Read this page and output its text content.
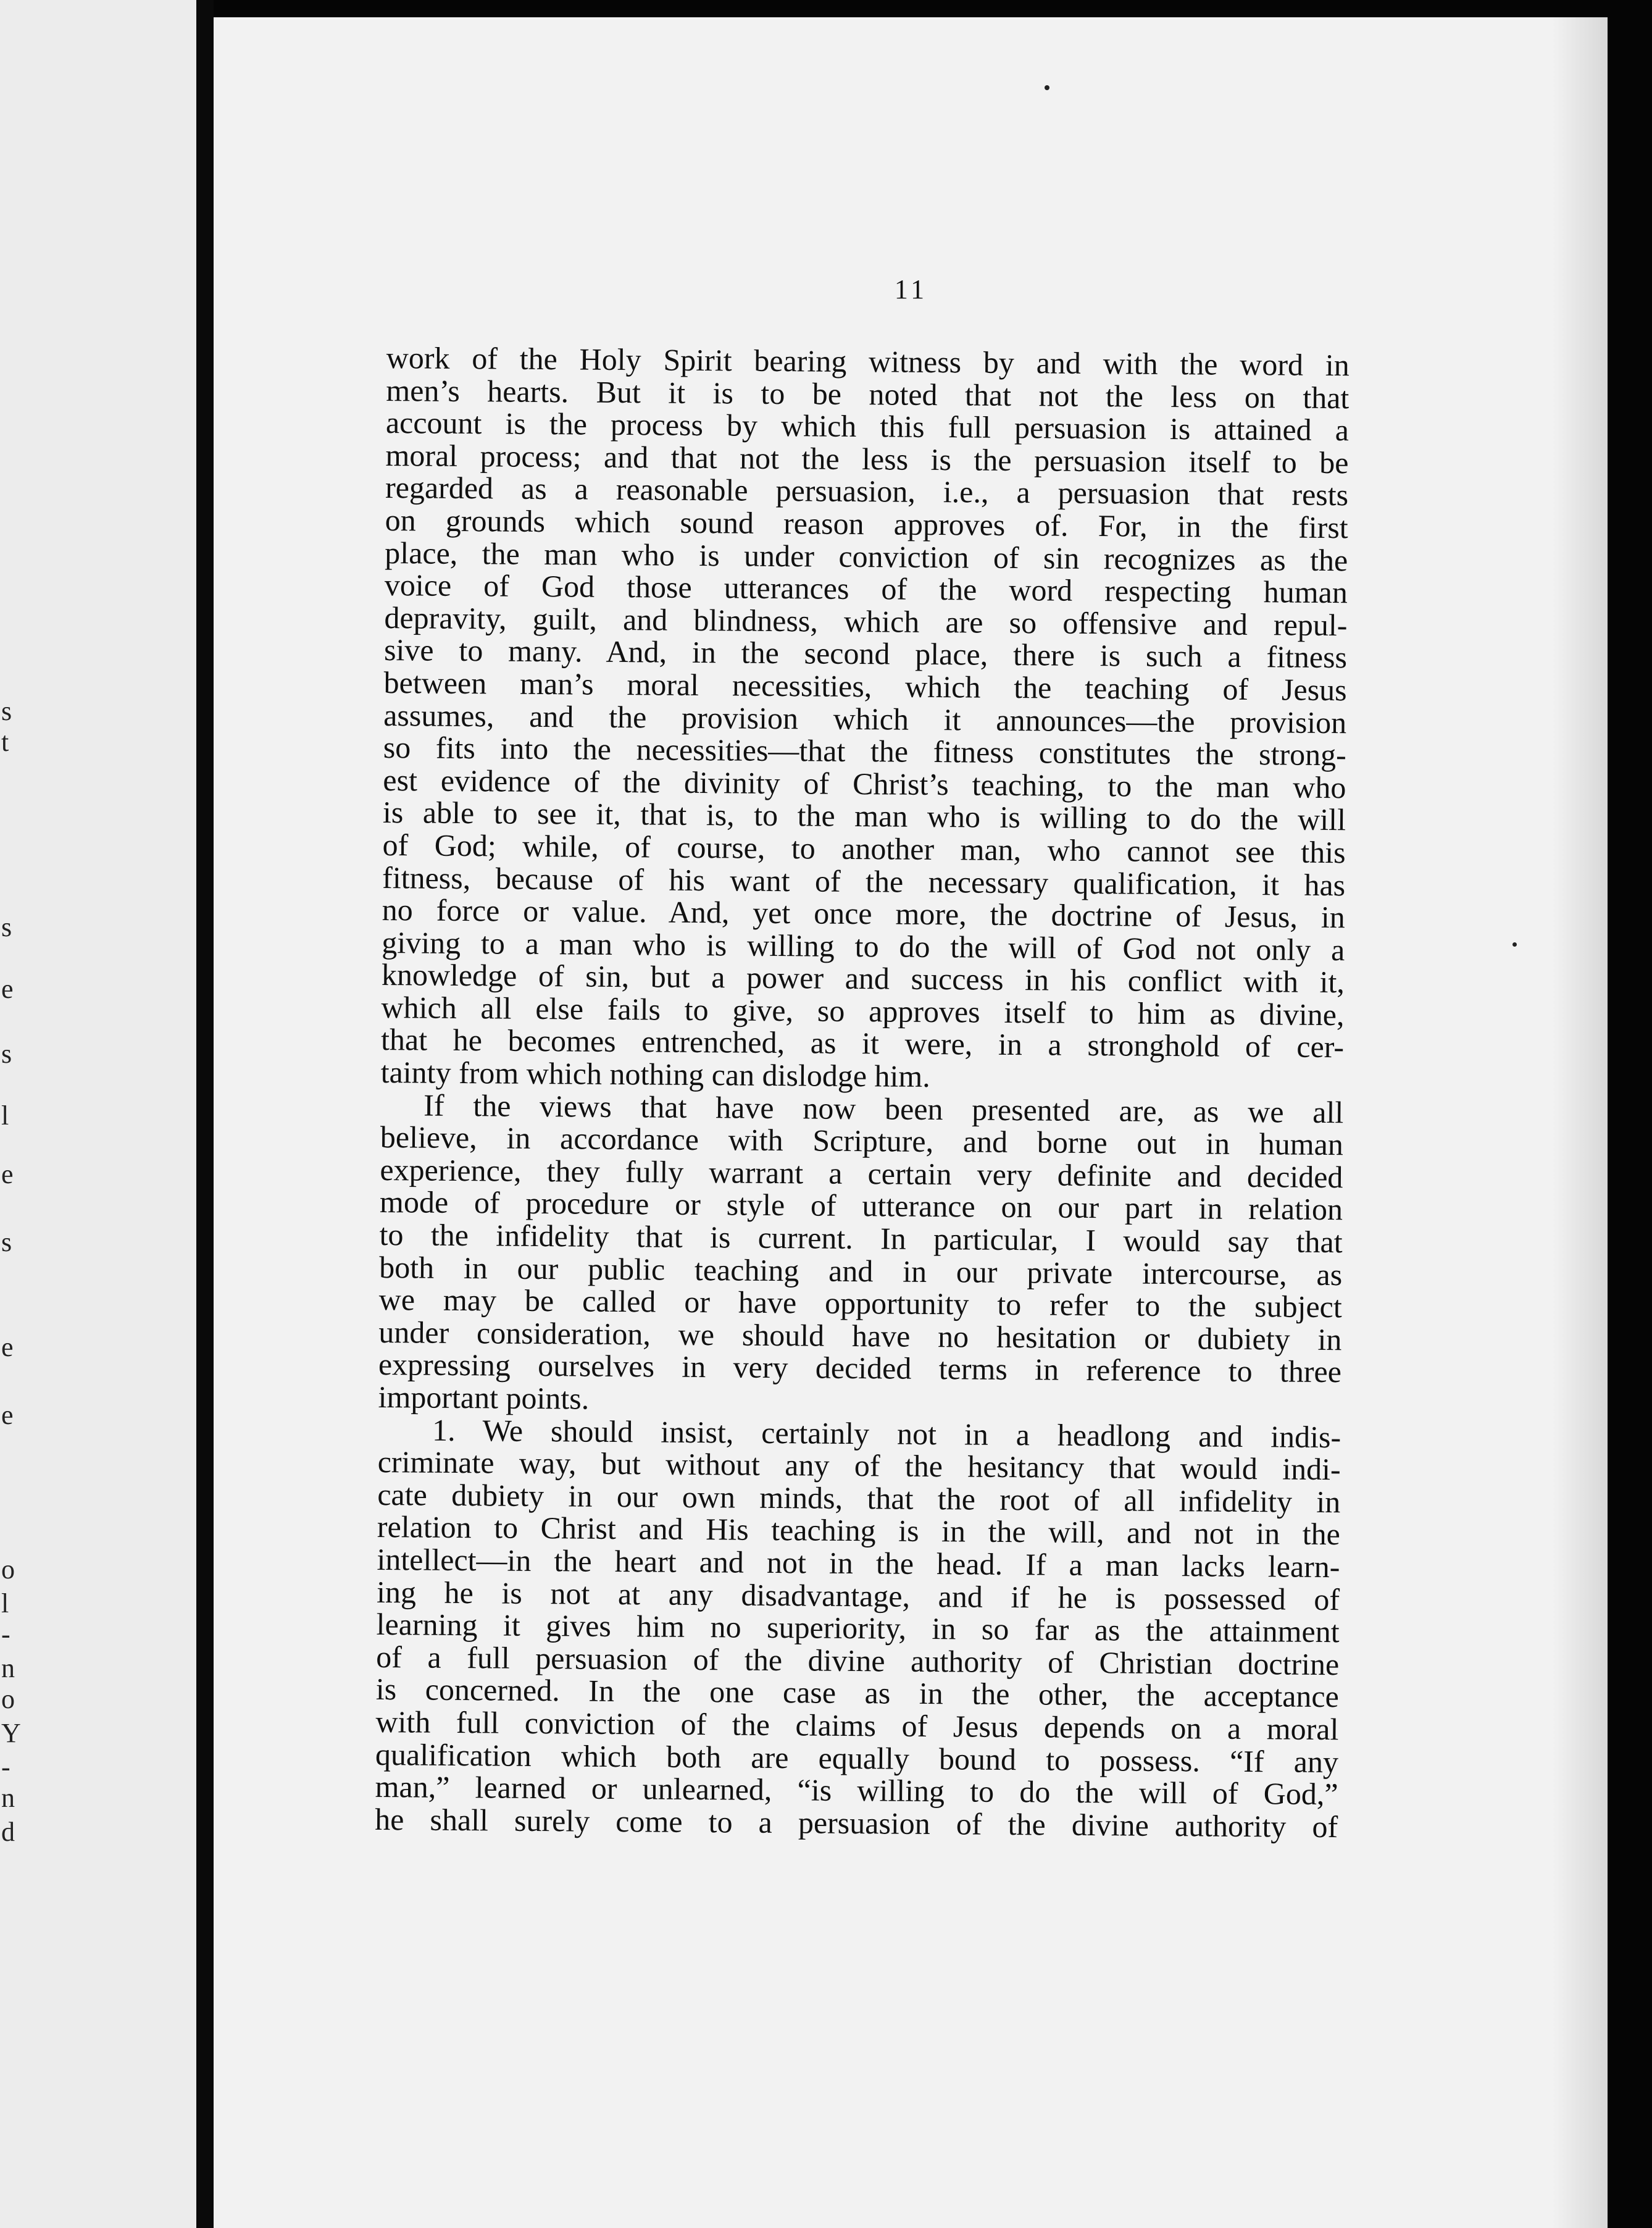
s
t
s
e
s
l
e
s
e
e
o
l
-
n
o
Y
-
n
d
11
work of the Holy Spirit bearing witness by and with the word in
men’s hearts. But it is to be noted that not the less on that
account is the process by which this full persuasion is attained a
moral process; and that not the less is the persuasion itself to be
regarded as a reasonable persuasion, i.e., a persuasion that rests
on grounds which sound reason approves of. For, in the first
place, the man who is under conviction of sin recognizes as the
voice of God those utterances of the word respecting human
depravity, guilt, and blindness, which are so offensive and repul-
sive to many. And, in the second place, there is such a fitness
between man’s moral necessities, which the teaching of Jesus
assumes, and the provision which it announces—the provision
so fits into the necessities—that the fitness constitutes the strong-
est evidence of the divinity of Christ’s teaching, to the man who
is able to see it, that is, to the man who is willing to do the will
of God; while, of course, to another man, who cannot see this
fitness, because of his want of the necessary qualification, it has
no force or value. And, yet once more, the doctrine of Jesus, in
giving to a man who is willing to do the will of God not only a
knowledge of sin, but a power and success in his conflict with it,
which all else fails to give, so approves itself to him as divine,
that he becomes entrenched, as it were, in a stronghold of cer-
tainty from which nothing can dislodge him.
If the views that have now been presented are, as we all
believe, in accordance with Scripture, and borne out in human
experience, they fully warrant a certain very definite and decided
mode of procedure or style of utterance on our part in relation
to the infidelity that is current. In particular, I would say that
both in our public teaching and in our private intercourse, as
we may be called or have opportunity to refer to the subject
under consideration, we should have no hesitation or dubiety in
expressing ourselves in very decided terms in reference to three
important points.
1. We should insist, certainly not in a headlong and indis-
criminate way, but without any of the hesitancy that would indi-
cate dubiety in our own minds, that the root of all infidelity in
relation to Christ and His teaching is in the will, and not in the
intellect—in the heart and not in the head. If a man lacks learn-
ing he is not at any disadvantage, and if he is possessed of
learning it gives him no superiority, in so far as the attainment
of a full persuasion of the divine authority of Christian doctrine
is concerned. In the one case as in the other, the acceptance
with full conviction of the claims of Jesus depends on a moral
qualification which both are equally bound to possess. “If any
man,” learned or unlearned, “is willing to do the will of God,”
he shall surely come to a persuasion of the divine authority of
